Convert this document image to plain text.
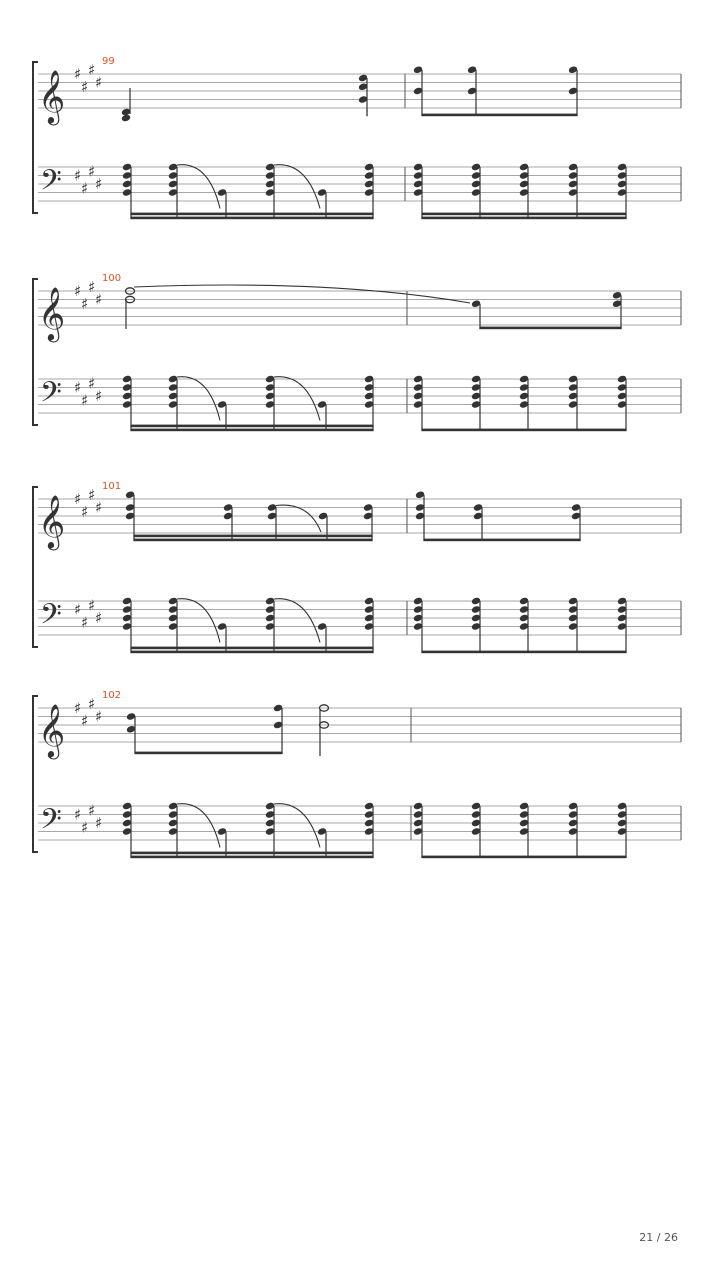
𝄞
𝄢
♯
♯
♯
♯
♯
♯
♯
♯
99
𝄞
𝄢
♯
♯
♯
♯
♯
♯
♯
♯
100
𝄞
𝄢
♯
♯
♯
♯
♯
♯
♯
♯
101
𝄞
𝄢
♯
♯
♯
♯
♯
♯
♯
♯
102
21 / 26
